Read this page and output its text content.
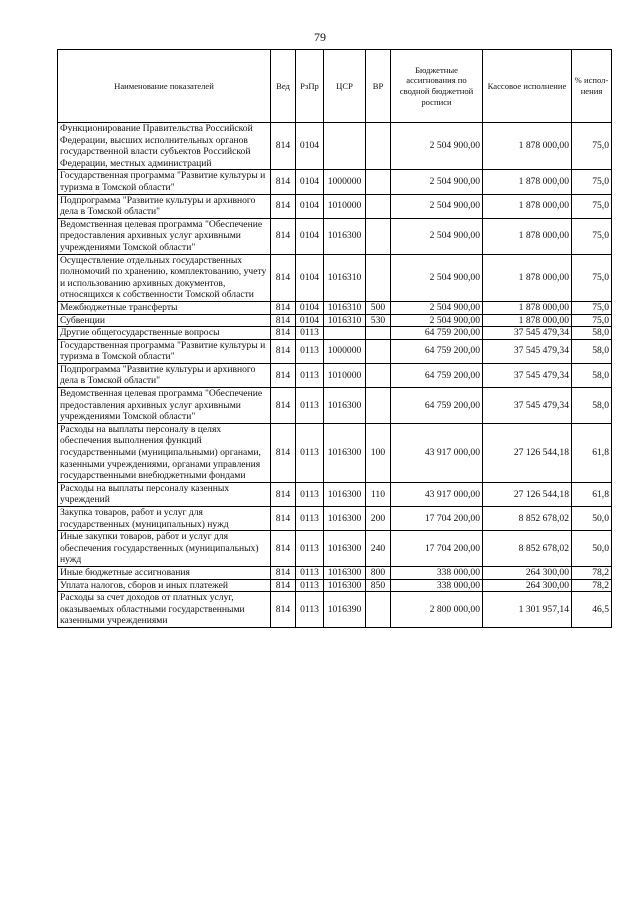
79
Наименование показателей	Вед	РзПр	ЦСР	ВР	Бюджетные ассигнования по сводной бюджетной росписи	Кассовое исполнение	% испол-нения
Функционирование Правительства Российской Федерации, высших исполнительных органов государственной власти субъектов Российской Федерации, местных администраций	814	0104			2 504 900,00	1 878 000,00	75,0
Государственная программа "Развитие культуры и туризма в Томской области"	814	0104	1000000		2 504 900,00	1 878 000,00	75,0
Подпрограмма "Развитие культуры и архивного дела в Томской области"	814	0104	1010000		2 504 900,00	1 878 000,00	75,0
Ведомственная целевая программа "Обеспечение предоставления архивных услуг архивными учреждениями Томской области"	814	0104	1016300		2 504 900,00	1 878 000,00	75,0
Осуществление отдельных государственных полномочий по хранению, комплектованию, учету и использованию архивных документов, относящихся к собственности Томской области	814	0104	1016310		2 504 900,00	1 878 000,00	75,0
Межбюджетные трансферты	814	0104	1016310	500	2 504 900,00	1 878 000,00	75,0
Субвенции	814	0104	1016310	530	2 504 900,00	1 878 000,00	75,0
Другие общегосударственные вопросы	814	0113			64 759 200,00	37 545 479,34	58,0
Государственная программа "Развитие культуры и туризма в Томской области"	814	0113	1000000		64 759 200,00	37 545 479,34	58,0
Подпрограмма "Развитие культуры и архивного дела в Томской области"	814	0113	1010000		64 759 200,00	37 545 479,34	58,0
Ведомственная целевая программа "Обеспечение предоставления архивных услуг архивными учреждениями Томской области"	814	0113	1016300		64 759 200,00	37 545 479,34	58,0
Расходы на выплаты персоналу в целях обеспечения выполнения функций государственными (муниципальными) органами, казенными учреждениями, органами управления государственными внебюджетными фондами	814	0113	1016300	100	43 917 000,00	27 126 544,18	61,8
Расходы на выплаты персоналу казенных учреждений	814	0113	1016300	110	43 917 000,00	27 126 544,18	61,8
Закупка товаров, работ и услуг для государственных (муниципальных) нужд	814	0113	1016300	200	17 704 200,00	8 852 678,02	50,0
Иные закупки товаров, работ и услуг для обеспечения государственных (муниципальных) нужд	814	0113	1016300	240	17 704 200,00	8 852 678,02	50,0
Иные бюджетные ассигнования	814	0113	1016300	800	338 000,00	264 300,00	78,2
Уплата налогов, сборов и иных платежей	814	0113	1016300	850	338 000,00	264 300,00	78,2
Расходы за счет доходов от платных услуг, оказываемых областными государственными казенными учреждениями	814	0113	1016390		2 800 000,00	1 301 957,14	46,5
